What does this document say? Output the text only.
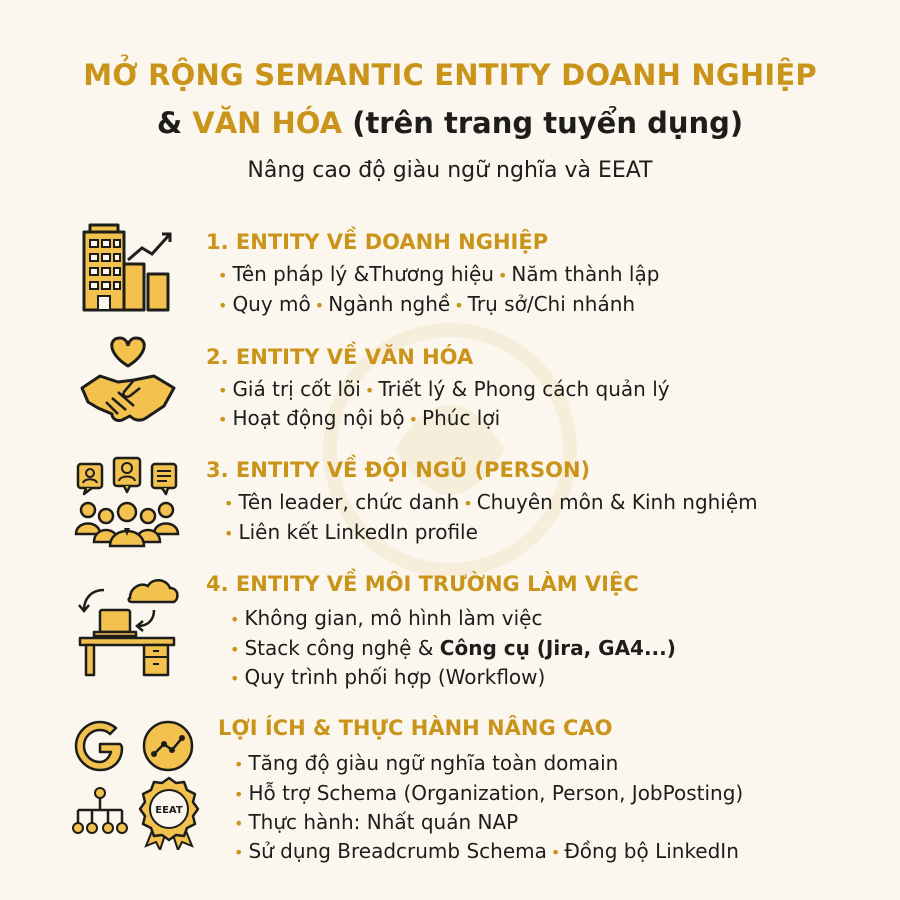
MỞ RỘNG SEMANTIC ENTITY DOANH NGHIỆP
& VĂN HÓA (trên trang tuyển dụng)
Nâng cao độ giàu ngữ nghĩa và EEAT
1. ENTITY VỀ DOANH NGHIỆP
• Tên pháp lý &Thương hiệu • Năm thành lập
• Quy mô • Ngành nghề • Trụ sở/Chi nhánh
2. ENTITY VỀ VĂN HÓA
• Giá trị cốt lõi • Triết lý & Phong cách quản lý
• Hoạt động nội bộ • Phúc lợi
3. ENTITY VỀ ĐỘI NGŨ (PERSON)
• Tên leader, chức danh • Chuyên môn & Kinh nghiệm
• Liên kết LinkedIn profile
4. ENTITY VỀ MÔI TRƯỜNG LÀM VIỆC
• Không gian, mô hình làm việc
• Stack công nghệ & Công cụ (Jira, GA4...)
• Quy trình phối hợp (Workflow)
EEAT
LỢI ÍCH & THỰC HÀNH NÂNG CAO
• Tăng độ giàu ngữ nghĩa toàn domain
• Hỗ trợ Schema (Organization, Person, JobPosting)
• Thực hành: Nhất quán NAP
• Sử dụng Breadcrumb Schema • Đồng bộ LinkedIn
